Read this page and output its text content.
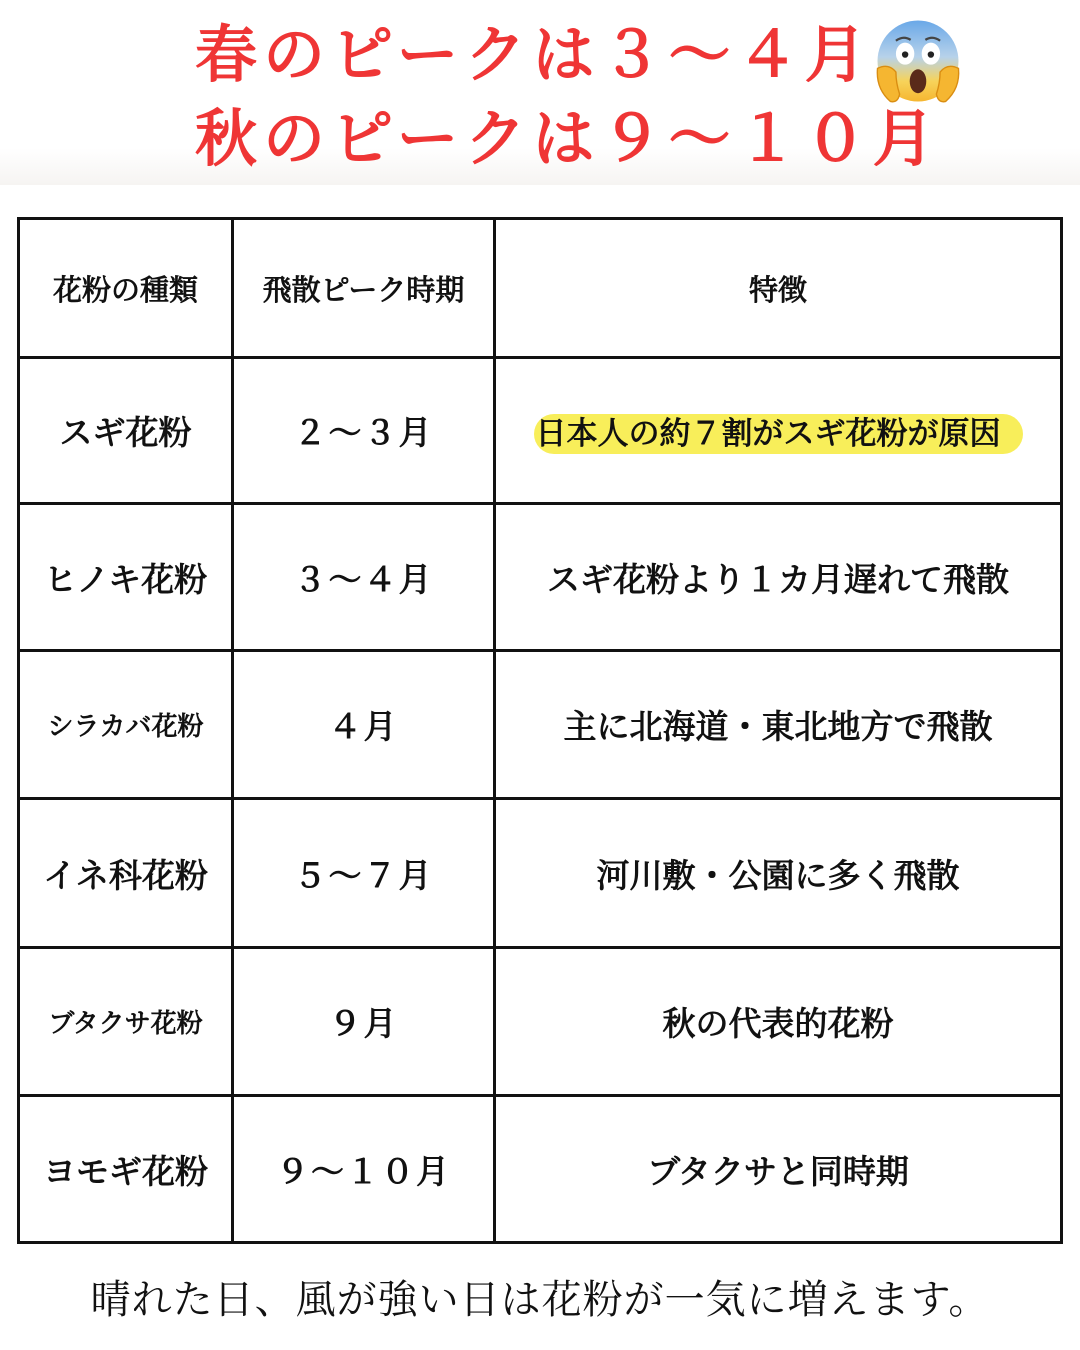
春のピークは３～４月
秋のピークは９～１０月
花粉の種類	飛散ピーク時期	特徴
スギ花粉	２～３月	日本人の約７割がスギ花粉が原因
ヒノキ花粉	３～４月	スギ花粉より１カ月遅れて飛散
シラカバ花粉	４月	主に北海道・東北地方で飛散
イネ科花粉	５～７月	河川敷・公園に多く飛散
ブタクサ花粉	９月	秋の代表的花粉
ヨモギ花粉	９～１０月	ブタクサと同時期
晴れた日、風が強い日は花粉が一気に増えます。
